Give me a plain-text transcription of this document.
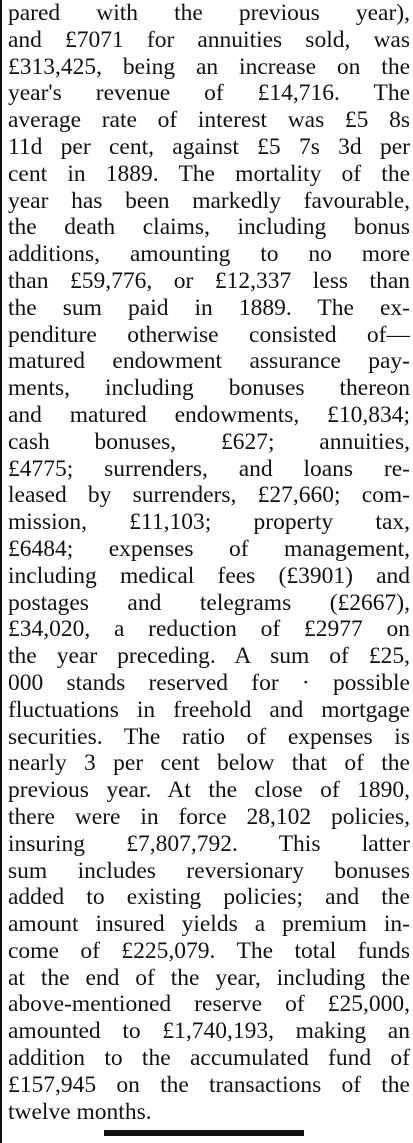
pared with the previous year),
and £7071 for annuities sold, was
£313,425, being an increase on the
year's revenue of £14,716. The
average rate of interest was £5 8s
11d per cent, against £5 7s 3d per
cent in 1889. The mortality of the
year has been markedly favourable,
the death claims, including bonus
additions, amounting to no more
than £59,776, or £12,337 less than
the sum paid in 1889. The ex-
penditure otherwise consisted of—
matured endowment assurance pay-
ments, including bonuses thereon
and matured endowments, £10,834;
cash bonuses, £627; annuities,
£4775; surrenders, and loans re-
leased by surrenders, £27,660; com-
mission, £11,103; property tax,
£6484; expenses of management,
including medical fees (£3901) and
postages and telegrams (£2667),
£34,020, a reduction of £2977 on
the year preceding. A sum of £25,
000 stands reserved for · possible
fluctuations in freehold and mortgage
securities. The ratio of expenses is
nearly 3 per cent below that of the
previous year. At the close of 1890,
there were in force 28,102 policies,
insuring £7,807,792. This latter
sum includes reversionary bonuses
added to existing policies; and the
amount insured yields a premium in-
come of £225,079. The total funds
at the end of the year, including the
above-mentioned reserve of £25,000,
amounted to £1,740,193, making an
addition to the accumulated fund of
£157,945 on the transactions of the
twelve months.
